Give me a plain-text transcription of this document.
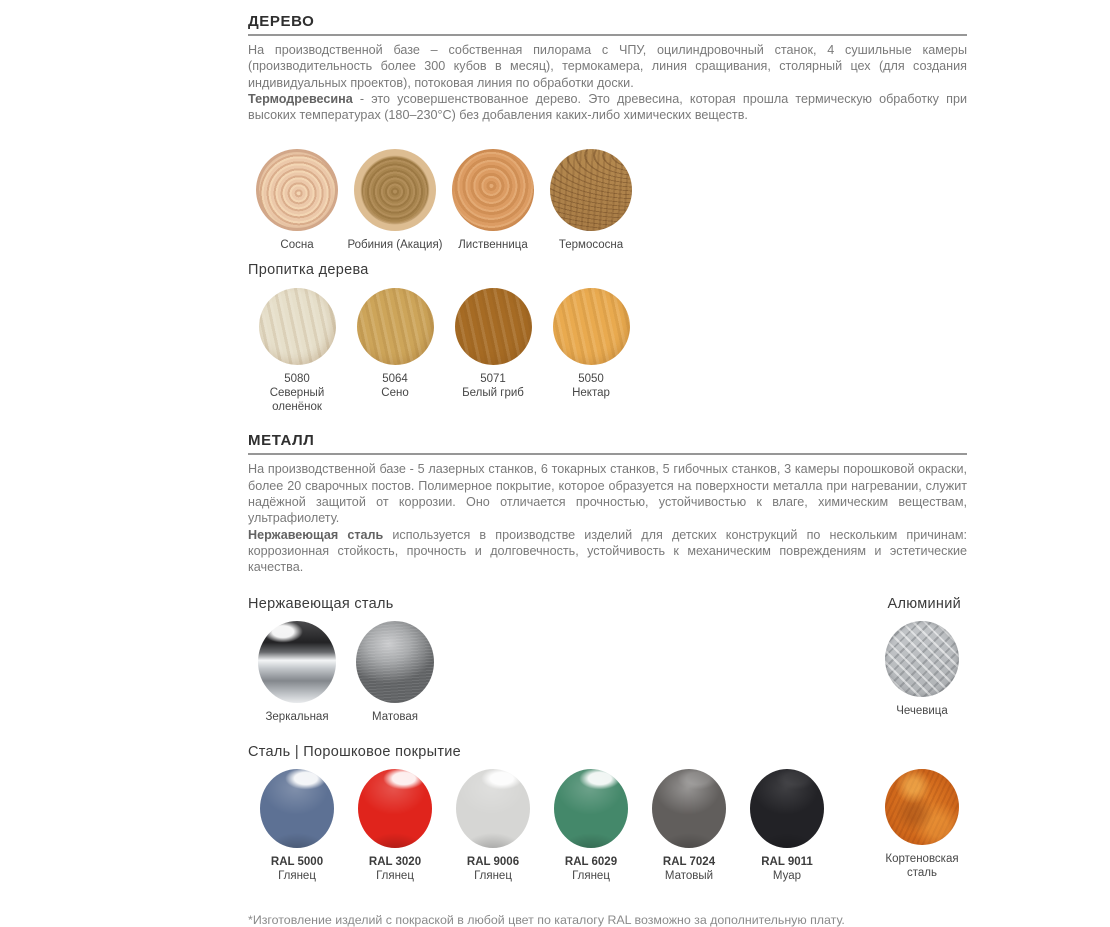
ДЕРЕВО

На производственной базе – собственная пилорама с ЧПУ, оцилиндровочный станок, 4 сушильные камеры (производительность более 300 кубов в месяц), термокамера, линия сращивания, столярный цех (для создания индивидуальных проектов), потоковая линия по обработки доски.

Термодревесина - это усовершенствованное дерево. Это древесина, которая прошла термическую обработку при высоких температурах (180–230°С) без добавления каких-либо химических веществ.

Сосна	Робиния (Акация) Лиственница	Термососна
Пропитка дерева
5080
Северный оленёнок
5064
Сено
5071
Белый гриб
5050
Нектар
МЕТАЛЛ

На производственной базе - 5 лазерных станков, 6 токарных станков, 5 гибочных станков, 3 камеры порошковой окраски, более 20 сварочных постов. Полимерное покрытие, которое образуется на поверхности металла при нагревании, служит надёжной защитой от коррозии. Оно отличается прочностью, устойчивостью к влаге, химическим веществам, ультрафиолету.

Нержавеющая сталь используется в производстве изделий для детских конструкций по нескольким причинам: коррозионная стойкость, прочность и долговечность, устойчивость к механическим повреждениям и эстетические качества.

Нержавеющая сталь	Алюминий
Зеркальная	Матовая	Чечевица
Сталь | Порошковое покрытие
RAL 5000
Глянец
RAL 3020
Глянец
RAL 9006
Глянец
RAL 6029
Глянец
RAL 7024
Матовый
RAL 9011
Муар
Кортеновская сталь

*Изготовление изделий с покраской в любой цвет по каталогу RAL возможно за дополнительную плату.
